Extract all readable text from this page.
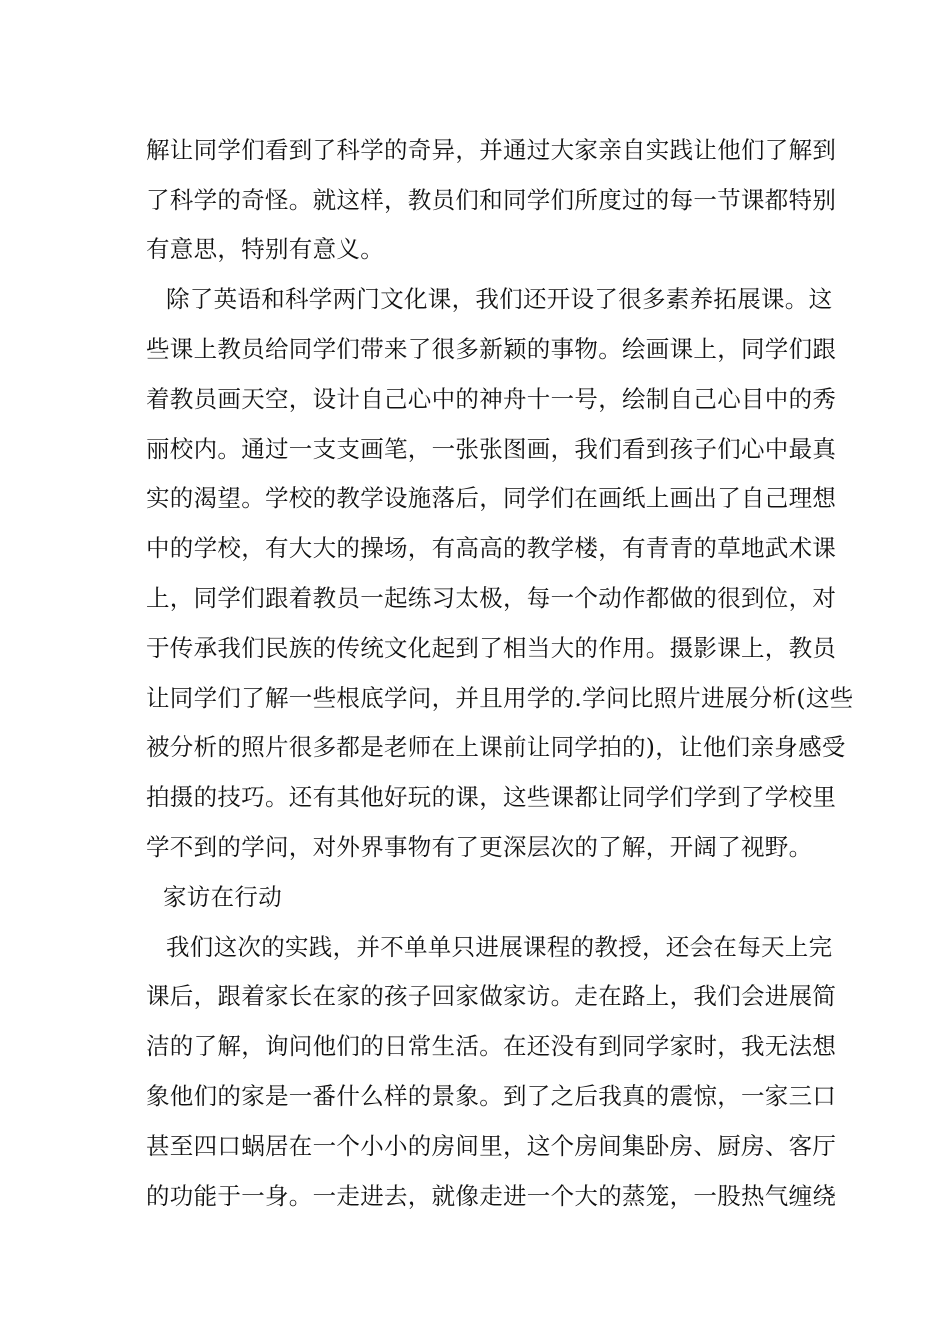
解让同学们看到了科学的奇异，并通过大家亲自实践让他们了解到
了科学的奇怪。就这样，教员们和同学们所度过的每一节课都特别
有意思，特别有意义。
除了英语和科学两门文化课，我们还开设了很多素养拓展课。这
些课上教员给同学们带来了很多新颖的事物。绘画课上，同学们跟
着教员画天空，设计自己心中的神舟十一号，绘制自己心目中的秀
丽校内。通过一支支画笔，一张张图画，我们看到孩子们心中最真
实的渴望。学校的教学设施落后，同学们在画纸上画出了自己理想
中的学校，有大大的操场，有高高的教学楼，有青青的草地武术课
上，同学们跟着教员一起练习太极，每一个动作都做的很到位，对
于传承我们民族的传统文化起到了相当大的作用。摄影课上，教员
让同学们了解一些根底学问，并且用学的.学问比照片进展分析(这些
被分析的照片很多都是老师在上课前让同学拍的)，让他们亲身感受
拍摄的技巧。还有其他好玩的课，这些课都让同学们学到了学校里
学不到的学问，对外界事物有了更深层次的了解，开阔了视野。
家访在行动
我们这次的实践，并不单单只进展课程的教授，还会在每天上完
课后，跟着家长在家的孩子回家做家访。走在路上，我们会进展简
洁的了解，询问他们的日常生活。在还没有到同学家时，我无法想
象他们的家是一番什么样的景象。到了之后我真的震惊，一家三口
甚至四口蜗居在一个小小的房间里，这个房间集卧房、厨房、客厅
的功能于一身。一走进去，就像走进一个大的蒸笼，一股热气缠绕
